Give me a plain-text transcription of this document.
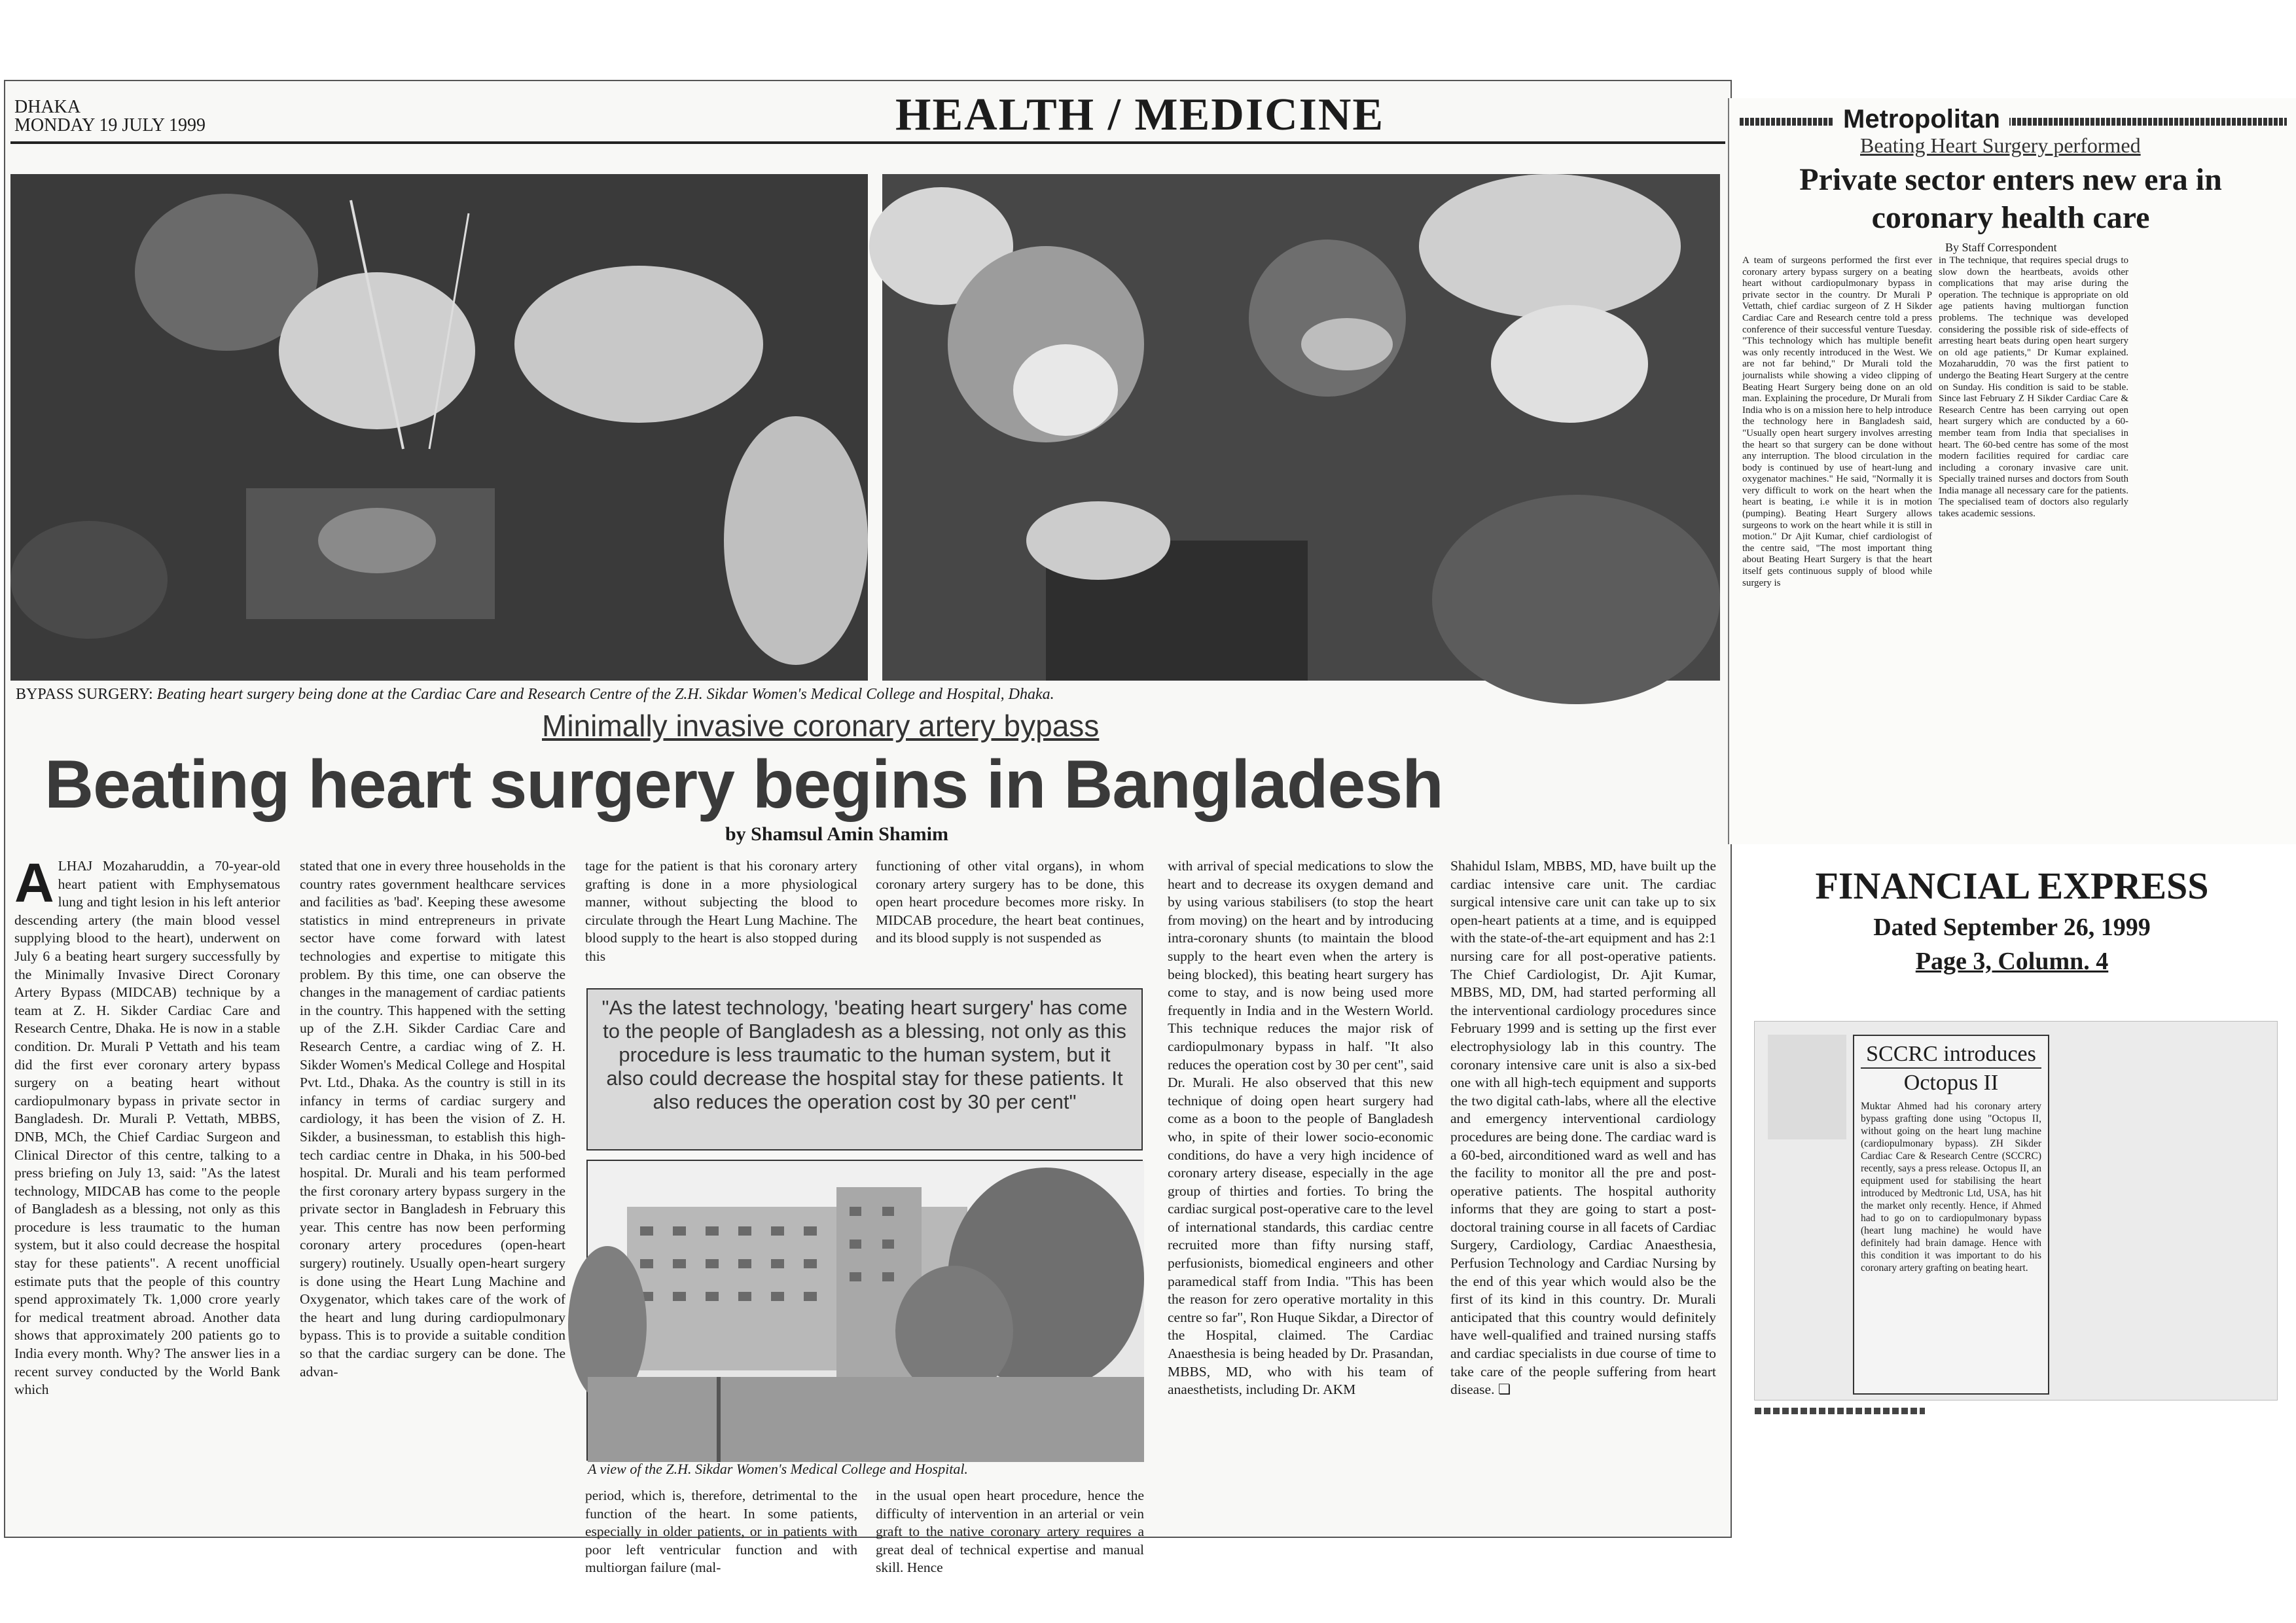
DHAKA
MONDAY 19 JULY 1999	HEALTH / MEDICINE
BYPASS SURGERY: Beating heart surgery being done at the Cardiac Care and Research Centre of the Z.H. Sikdar Women's Medical College and Hospital, Dhaka.
Minimally invasive coronary artery bypass
Beating heart surgery begins in Bangladesh
by Shamsul Amin Shamim
ALHAJ Mozaharuddin, a 70-year-old heart patient with Emphysematous lung and tight lesion in his left anterior descending artery (the main blood vessel supplying blood to the heart), underwent on July 6 a beating heart surgery successfully by the Minimally Invasive Direct Coronary Artery Bypass (MIDCAB) technique by a team at Z. H. Sikder Cardiac Care and Research Centre, Dhaka. He is now in a stable condition. Dr. Murali P Vettath and his team did the first ever coronary artery bypass surgery on a beating heart without cardiopulmonary bypass in private sector in Bangladesh. Dr. Murali P. Vettath, MBBS, DNB, MCh, the Chief Cardiac Surgeon and Clinical Director of this centre, talking to a press briefing on July 13, said: "As the latest technology, MIDCAB has come to the people of Bangladesh as a blessing, not only as this procedure is less traumatic to the human system, but it also could decrease the hospital stay for these patients". A recent unofficial estimate puts that the people of this country spend approximately Tk. 1,000 crore yearly for medical treatment abroad. Another data shows that approximately 200 patients go to India every month. Why? The answer lies in a recent survey conducted by the World Bank which
stated that one in every three households in the country rates government healthcare services and facilities as 'bad'. Keeping these awesome statistics in mind entrepreneurs in private sector have come forward with latest technologies and expertise to mitigate this problem. By this time, one can observe the changes in the management of cardiac patients in the country. This happened with the setting up of the Z.H. Sikder Cardiac Care and Research Centre, a cardiac wing of Z. H. Sikder Women's Medical College and Hospital Pvt. Ltd., Dhaka. As the country is still in its infancy in terms of cardiac surgery and cardiology, it has been the vision of Z. H. Sikder, a businessman, to establish this high-tech cardiac centre in Dhaka, in his 500-bed hospital. Dr. Murali and his team performed the first coronary artery bypass surgery in the private sector in Bangladesh in February this year. This centre has now been performing coronary artery procedures (open-heart surgery) routinely. Usually open-heart surgery is done using the Heart Lung Machine and Oxygenator, which takes care of the work of the heart and lung during cardiopulmonary bypass. This is to provide a suitable condition so that the cardiac surgery can be done. The advan-
tage for the patient is that his coronary artery grafting is done in a more physiological manner, without subjecting the blood to circulate through the Heart Lung Machine. The blood supply to the heart is also stopped during this
functioning of other vital organs), in whom coronary artery surgery has to be done, this open heart procedure becomes more risky. In MIDCAB procedure, the heart beat continues, and its blood supply is not suspended as
"As the latest technology, 'beating heart surgery' has come to the people of Bangladesh as a blessing, not only as this procedure is less traumatic to the human system, but it also could decrease the hospital stay for these patients. It also reduces the operation cost by 30 per cent"
A view of the Z.H. Sikdar Women's Medical College and Hospital.
period, which is, therefore, detrimental to the function of the heart. In some patients, especially in older patients, or in patients with poor left ventricular function and with multiorgan failure (mal-
in the usual open heart procedure, hence the difficulty of intervention in an arterial or vein graft to the native coronary artery requires a great deal of technical expertise and manual skill. Hence
with arrival of special medications to slow the heart and to decrease its oxygen demand and by using various stabilisers (to stop the heart from moving) on the heart and by introducing intra-coronary shunts (to maintain the blood supply to the heart even when the artery is being blocked), this beating heart surgery has come to stay, and is now being used more frequently in India and in the Western World. This technique reduces the major risk of cardiopulmonary bypass in half. "It also reduces the operation cost by 30 per cent", said Dr. Murali. He also observed that this new technique of doing open heart surgery had come as a boon to the people of Bangladesh who, in spite of their lower socio-economic conditions, do have a very high incidence of coronary artery disease, especially in the age group of thirties and forties. To bring the cardiac surgical post-operative care to the level of international standards, this cardiac centre recruited more than fifty nursing staff, perfusionists, biomedical engineers and other paramedical staff from India. "This has been the reason for zero operative mortality in this centre so far", Ron Huque Sikdar, a Director of the Hospital, claimed. The Cardiac Anaesthesia is being headed by Dr. Prasandan, MBBS, MD, who with his team of anaesthetists, including Dr. AKM
Shahidul Islam, MBBS, MD, have built up the cardiac intensive care unit. The cardiac surgical intensive care unit can take up to six open-heart patients at a time, and is equipped with the state-of-the-art equipment and has 2:1 nursing care for all post-operative patients. The Chief Cardiologist, Dr. Ajit Kumar, MBBS, MD, DM, had started performing all the interventional cardiology procedures since February 1999 and is setting up the first ever electrophysiology lab in this country. The coronary intensive care unit is also a six-bed one with all high-tech equipment and supports the two digital cath-labs, where all the elective and emergency interventional cardiology procedures are being done. The cardiac ward is a 60-bed, airconditioned ward as well and has the facility to monitor all the pre and post-operative patients. The hospital authority informs that they are going to start a post-doctoral training course in all facets of Cardiac Surgery, Cardiology, Cardiac Anaesthesia, Perfusion Technology and Cardiac Nursing by the end of this year which would also be the first of its kind in this country. Dr. Murali anticipated that this country would definitely have well-qualified and trained nursing staffs and cardiac specialists in due course of time to take care of the people suffering from heart disease. ❏
Metropolitan
Beating Heart Surgery performed
Private sector enters new era in coronary health care
By Staff Correspondent
A team of surgeons performed the first ever coronary artery bypass surgery on a beating heart without cardiopulmonary bypass in private sector in the country. Dr Murali P Vettath, chief cardiac surgeon of Z H Sikder Cardiac Care and Research centre told a press conference of their successful venture Tuesday. "This technology which has multiple benefit was only recently introduced in the West. We are not far behind," Dr Murali told the journalists while showing a video clipping of Beating Heart Surgery being done on an old man. Explaining the procedure, Dr Murali from India who is on a mission here to help introduce the technology here in Bangladesh said, "Usually open heart surgery involves arresting the heart so that surgery can be done without any interruption. The blood circulation in the body is continued by use of heart-lung and oxygenator machines." He said, "Normally it is very difficult to work on the heart when the heart is beating, i.e while it is in motion (pumping). Beating Heart Surgery allows surgeons to work on the heart while it is still in motion." Dr Ajit Kumar, chief cardiologist of the centre said, "The most important thing about Beating Heart Surgery is that the heart itself gets continuous supply of blood while surgery is
in The technique, that requires special drugs to slow down the heartbeats, avoids other complications that may arise during the operation. The technique is appropriate on old age patients having multiorgan function problems. The technique was developed considering the possible risk of side-effects of arresting heart beats during open heart surgery on old age patients," Dr Kumar explained. Mozaharuddin, 70 was the first patient to undergo the Beating Heart Surgery at the centre on Sunday. His condition is said to be stable. Since last February Z H Sikder Cardiac Care & Research Centre has been carrying out open heart surgery which are conducted by a 60-member team from India that specialises in heart. The 60-bed centre has some of the most modern facilities required for cardiac care including a coronary invasive care unit. Specially trained nurses and doctors from South India manage all necessary care for the patients. The specialised team of doctors also regularly takes academic sessions.
FINANCIAL EXPRESS
Dated September 26, 1999
Page 3, Column. 4
SCCRC introduces
Octopus II
Muktar Ahmed had his coronary artery bypass grafting done using "Octopus II, without going on the heart lung machine (cardiopulmonary bypass). ZH Sikder Cardiac Care & Research Centre (SCCRC) recently, says a press release. Octopus II, an equipment used for stabilising the heart introduced by Medtronic Ltd, USA, has hit the market only recently. Hence, if Ahmed had to go on to cardiopulmonary bypass (heart lung machine) he would have definitely had brain damage. Hence with this condition it was important to do his coronary artery grafting on beating heart.
